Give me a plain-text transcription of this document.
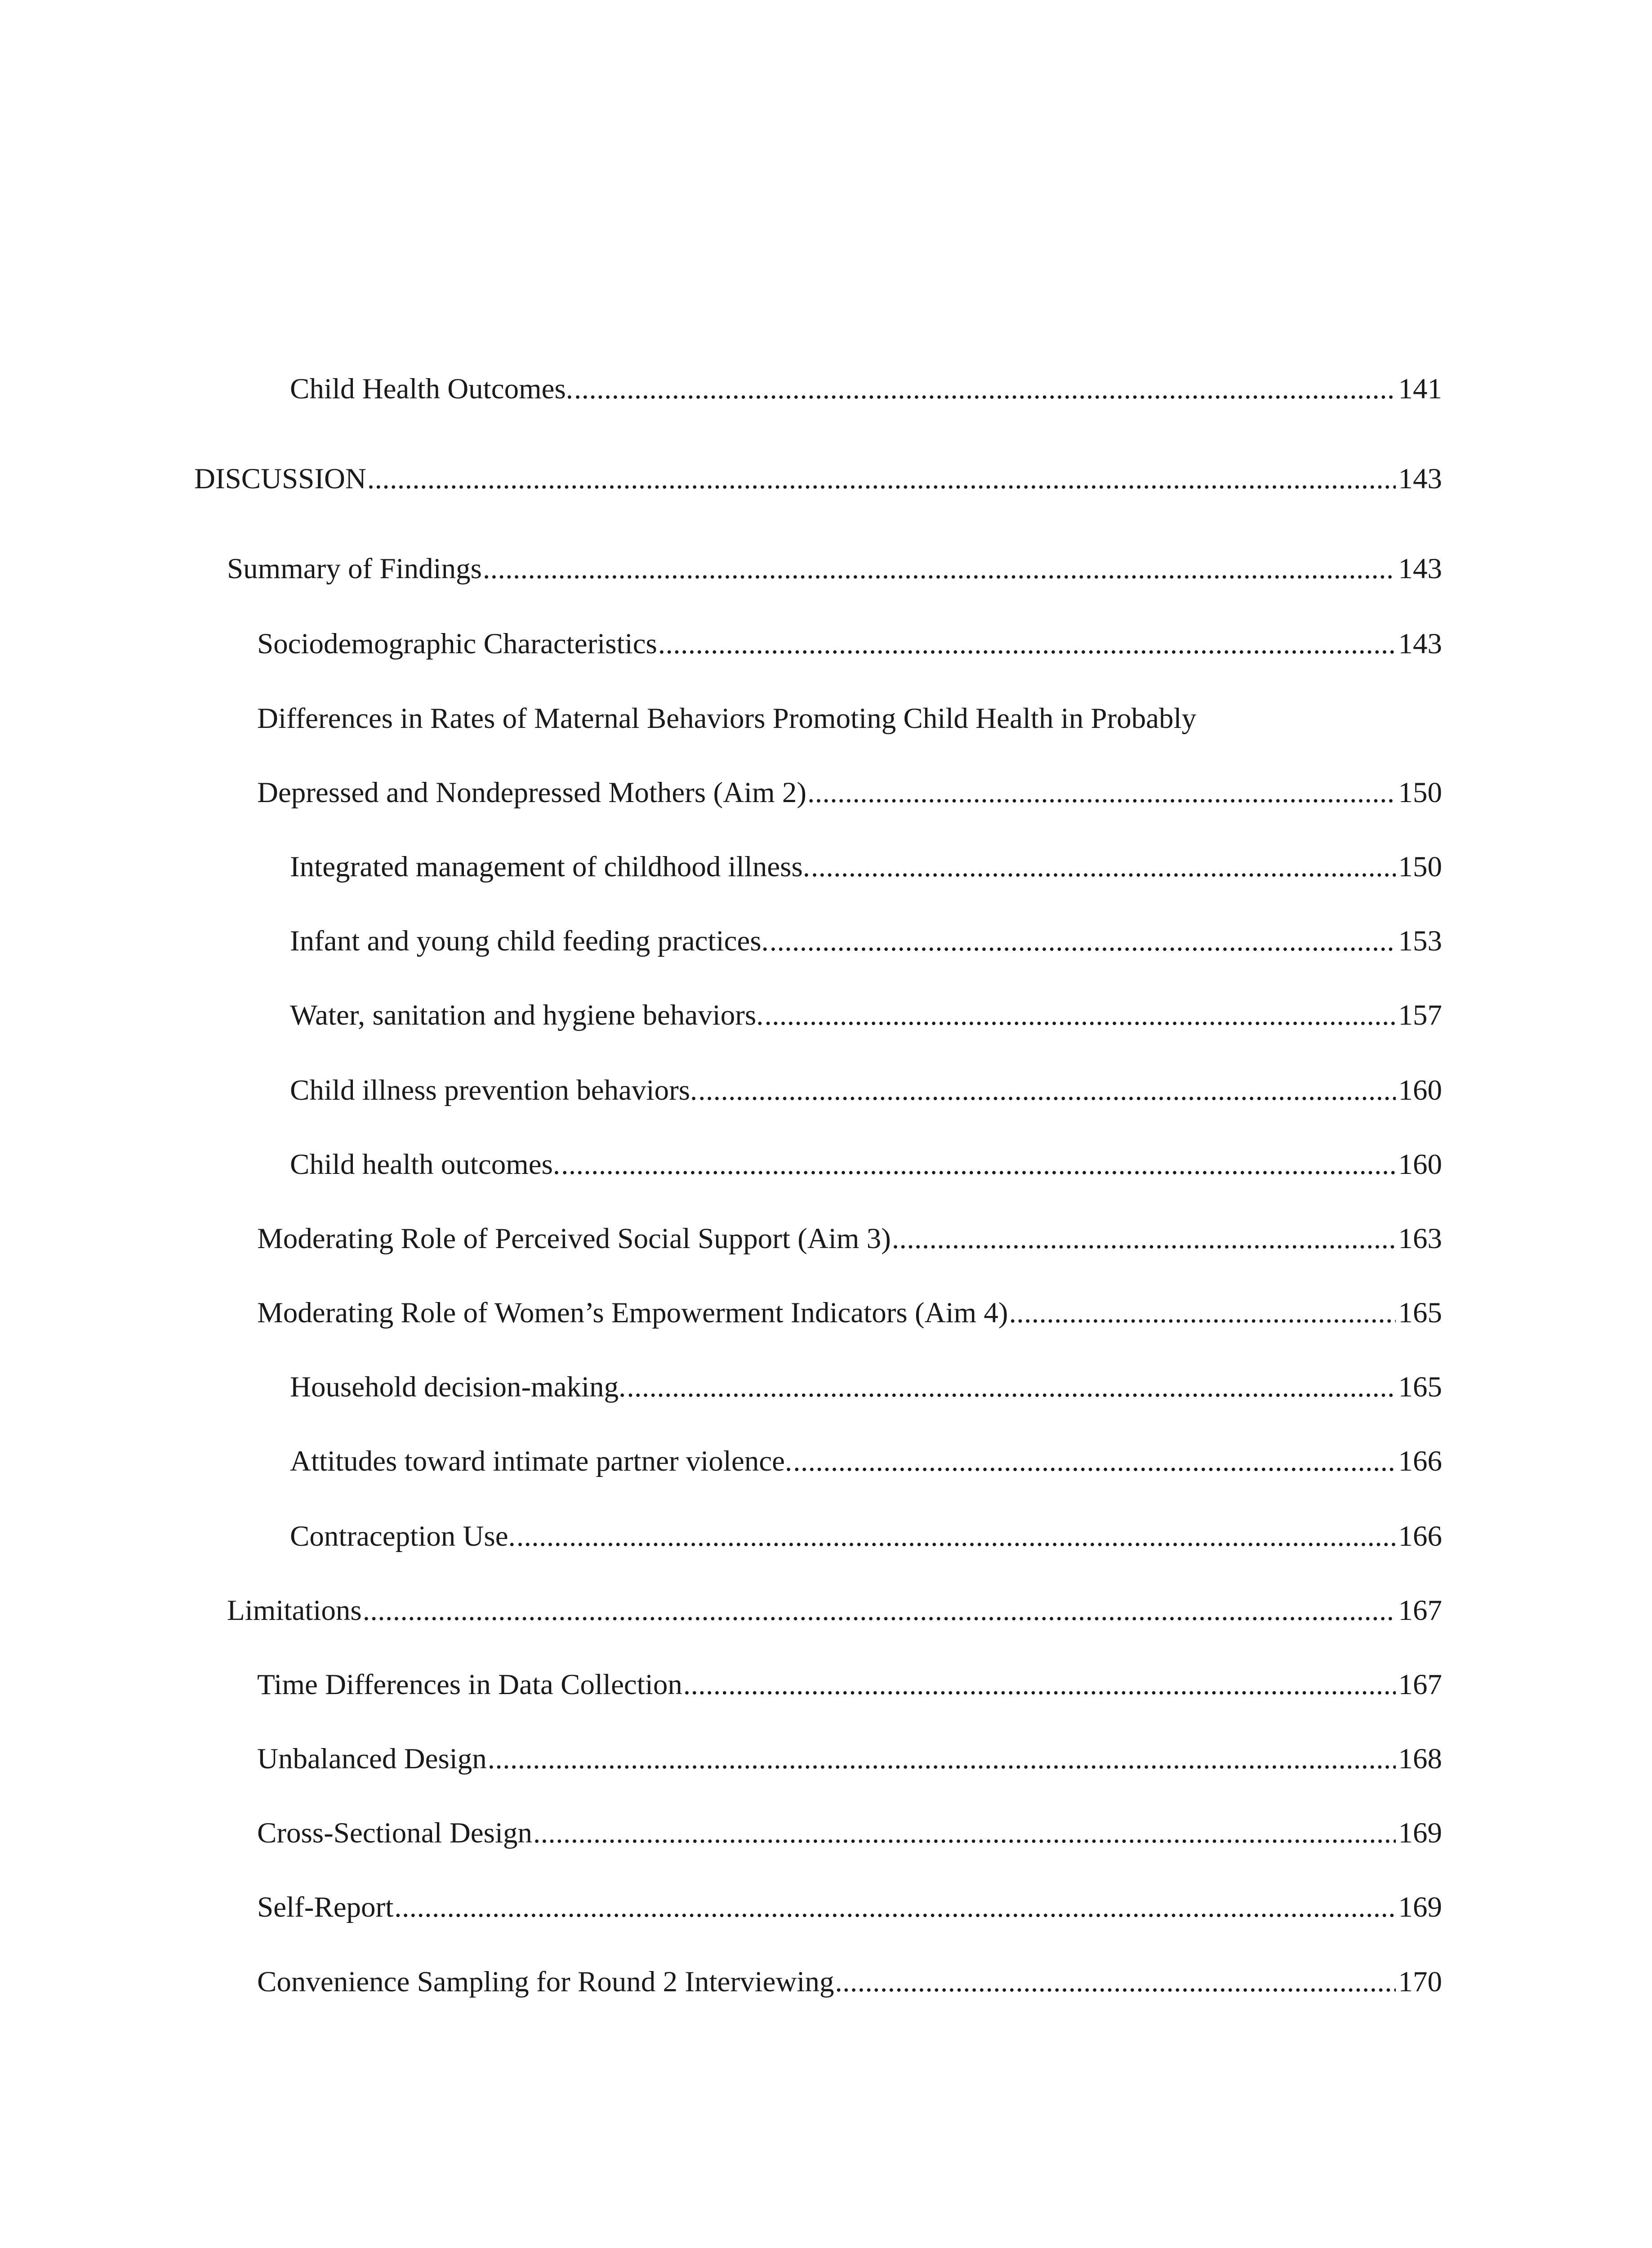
Child Health Outcomes. .....	141
DISCUSSION .....	143
Summary of Findings .....	143
Sociodemographic Characteristics .....	143
Differences in Rates of Maternal Behaviors Promoting Child Health in Probably
Depressed and Nondepressed Mothers (Aim 2) .....	150
Integrated management of childhood illness. .....	150
Infant and young child feeding practices. .....	153
Water, sanitation and hygiene behaviors. .....	157
Child illness prevention behaviors. .....	160
Child health outcomes. .....	160
Moderating Role of Perceived Social Support (Aim 3) .....	163
Moderating Role of Women’s Empowerment Indicators (Aim 4) .....	165
Household decision-making. .....	165
Attitudes toward intimate partner violence. .....	166
Contraception Use. .....	166
Limitations .....	167
Time Differences in Data Collection .....	167
Unbalanced Design .....	168
Cross-Sectional Design .....	169
Self-Report .....	169
Convenience Sampling for Round 2 Interviewing .....	170
